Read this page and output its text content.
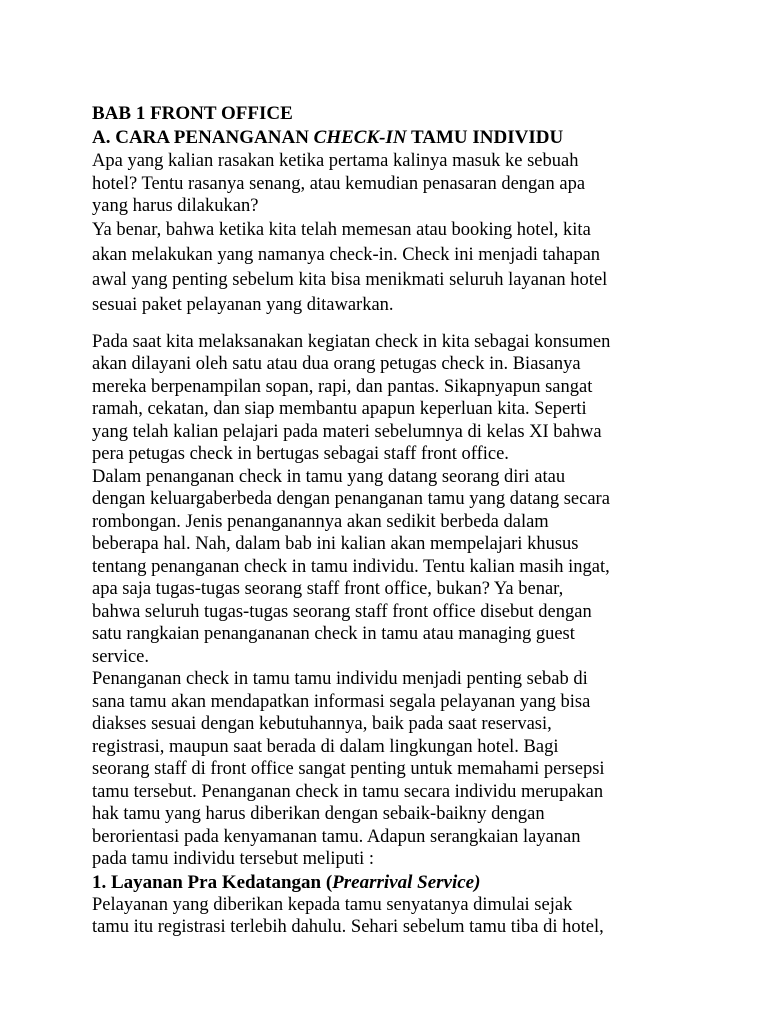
BAB 1 FRONT OFFICE

A. CARA PENANGANAN CHECK-IN TAMU INDIVIDU

Apa yang kalian rasakan ketika pertama kalinya masuk ke sebuah
hotel? Tentu rasanya senang, atau kemudian penasaran dengan apa
yang harus dilakukan?

Ya benar, bahwa ketika kita telah memesan atau booking hotel, kita
akan melakukan yang namanya check-in. Check ini menjadi tahapan
awal yang penting sebelum kita bisa menikmati seluruh layanan hotel
sesuai paket pelayanan yang ditawarkan.

Pada saat kita melaksanakan kegiatan check in kita sebagai konsumen
akan dilayani oleh satu atau dua orang petugas check in. Biasanya
mereka berpenampilan sopan, rapi, dan pantas. Sikapnyapun sangat
ramah, cekatan, dan siap membantu apapun keperluan kita. Seperti
yang telah kalian pelajari pada materi sebelumnya di kelas XI bahwa
pera petugas check in bertugas sebagai staff front office.

Dalam penanganan check in tamu yang datang seorang diri atau
dengan keluargaberbeda dengan penanganan tamu yang datang secara
rombongan. Jenis penanganannya akan sedikit berbeda dalam
beberapa hal. Nah, dalam bab ini kalian akan mempelajari khusus
tentang penanganan check in tamu individu. Tentu kalian masih ingat,
apa saja tugas-tugas seorang staff front office, bukan? Ya benar,
bahwa seluruh tugas-tugas seorang staff front office disebut dengan
satu rangkaian penangananan check in tamu atau managing guest
service.

Penanganan check in tamu tamu individu menjadi penting sebab di
sana tamu akan mendapatkan informasi segala pelayanan yang bisa
diakses sesuai dengan kebutuhannya, baik pada saat reservasi,
registrasi, maupun saat berada di dalam lingkungan hotel. Bagi
seorang staff di front office sangat penting untuk memahami persepsi
tamu tersebut. Penanganan check in tamu secara individu merupakan
hak tamu yang harus diberikan dengan sebaik-baikny dengan
berorientasi pada kenyamanan tamu. Adapun serangkaian layanan
pada tamu individu tersebut meliputi :

1. Layanan Pra Kedatangan (Prearrival Service)

Pelayanan yang diberikan kepada tamu senyatanya dimulai sejak
tamu itu registrasi terlebih dahulu. Sehari sebelum tamu tiba di hotel,
